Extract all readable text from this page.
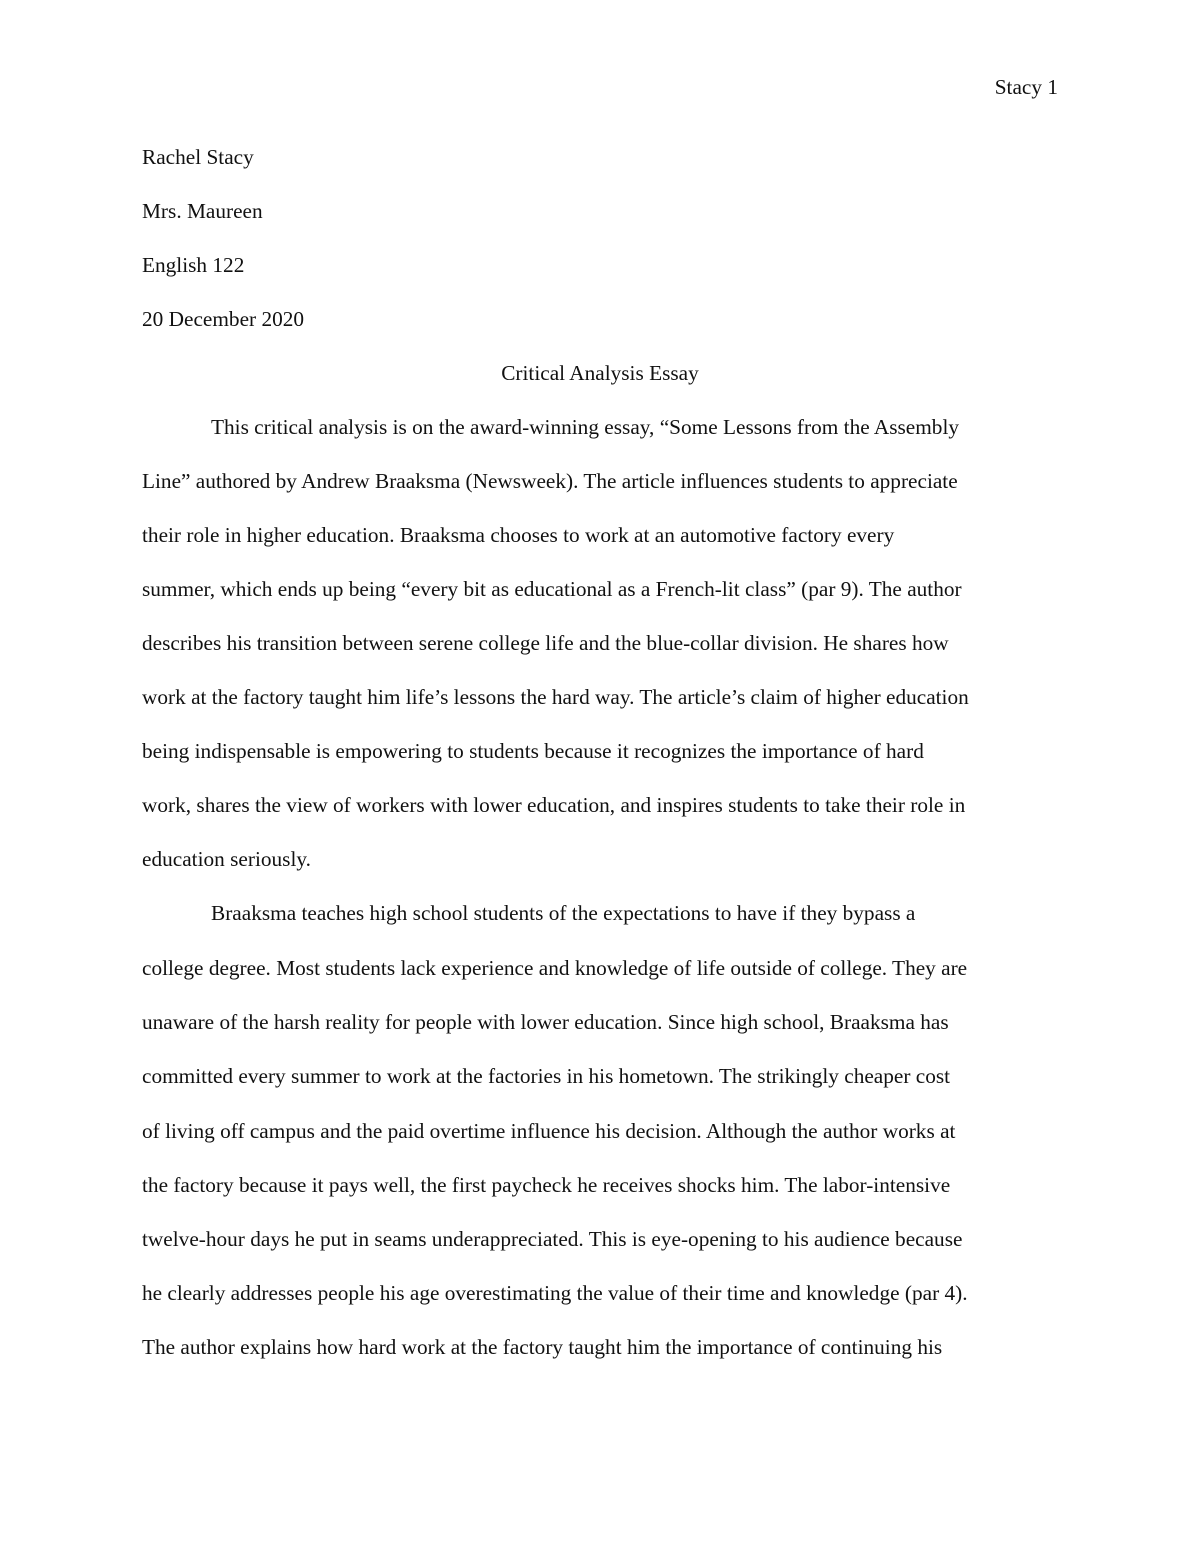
Stacy 1
Rachel Stacy
Mrs. Maureen
English 122
20 December 2020
Critical Analysis Essay
This critical analysis is on the award-winning essay, “Some Lessons from the Assembly
Line” authored by Andrew Braaksma (Newsweek). The article influences students to appreciate
their role in higher education. Braaksma chooses to work at an automotive factory every
summer, which ends up being “every bit as educational as a French-lit class” (par 9). The author
describes his transition between serene college life and the blue-collar division. He shares how
work at the factory taught him life’s lessons the hard way. The article’s claim of higher education
being indispensable is empowering to students because it recognizes the importance of hard
work, shares the view of workers with lower education, and inspires students to take their role in
education seriously.
Braaksma teaches high school students of the expectations to have if they bypass a
college degree. Most students lack experience and knowledge of life outside of college. They are
unaware of the harsh reality for people with lower education. Since high school, Braaksma has
committed every summer to work at the factories in his hometown. The strikingly cheaper cost
of living off campus and the paid overtime influence his decision. Although the author works at
the factory because it pays well, the first paycheck he receives shocks him. The labor-intensive
twelve-hour days he put in seams underappreciated. This is eye-opening to his audience because
he clearly addresses people his age overestimating the value of their time and knowledge (par 4).
The author explains how hard work at the factory taught him the importance of continuing his
